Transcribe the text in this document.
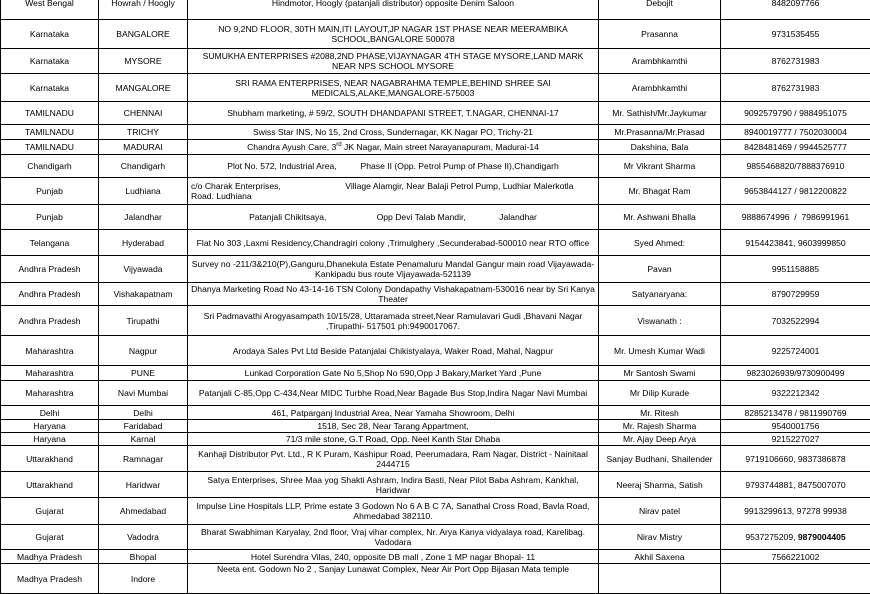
West Bengal	Howrah / Hoogly	Hindmotor, Hoogly (patanjali distributor) opposite Denim Saloon	Debojit	8482097766
Karnataka	BANGALORE	NO 9,2ND FLOOR, 30TH MAIN,ITI LAYOUT,JP NAGAR 1ST PHASE NEAR MEERAMBIKA SCHOOL,BANGALORE 500078	Prasanna	9731535455
Karnataka	MYSORE	SUMUKHA ENTERPRISES #2088,2ND PHASE,VIJAYNAGAR 4TH STAGE MYSORE,LAND MARK NEAR NPS SCHOOL MYSORE	Arambhkamthi	8762731983
Karnataka	MANGALORE	SRI RAMA ENTERPRISES, NEAR NAGABRAHMA TEMPLE,BEHIND SHREE SAI MEDICALS,ALAKE,MANGALORE-575003	Arambhkamthi	8762731983
TAMILNADU	CHENNAI	Shubham marketing, # 59/2, SOUTH DHANDAPANI STREET, T.NAGAR, CHENNAI-17	Mr. Sathish/Mr.Jaykumar	9092579790 / 9884951075
TAMILNADU	TRICHY	Swiss Star INS, No 15, 2nd Cross, Sundernagar, KK Nagar PO, Trichy-21	Mr.Prasanna/Mr.Prasad	8940019777 / 7502030004
TAMILNADU	MADURAI	Chandra Ayush Care, 3rd JK Nagar, Main street Narayanapuram, Madurai-14	Dakshina, Bala	8428481469 / 9944525777
Chandigarh	Chandigarh	Plot No. 572, Industrial Area,          Phase II (Opp. Petrol Pump of Phase II),Chandigarh	Mr Vikrant Sharma	9855468820/7888376910
Punjab	Ludhiana	c/o Charak Enterprises,                           Village Alamgir, Near Balaji Petrol Pump, Ludhiar Malerkotla Road. Ludhiana	Mr. Bhagat Ram	9653844127 / 9812200822
Punjab	Jalandhar	Patanjali Chikitsaya,                     Opp Devi Talab Mandir,              Jalandhar	Mr. Ashwani Bhalla	9888674996  /  7986991961
Telangana	Hyderabad	Flat No 303 ,Laxmi Residency,Chandragiri colony ,Trimulghery ,Secunderabad-500010 near RTO office	Syed Ahmed:	9154423841, 9603999850
Andhra Pradesh	Vijyawada	Survey no -211/3&210(P),Ganguru,Dhanekula Estate Penamaluru Mandal Gangur main road Vijayawada-Kankipadu bus route Vijayawada-521139	Pavan	9951158885
Andhra Pradesh	Vishakapatnam	Dhanya Marketing Road No 43-14-16 TSN Colony Dondapathy Vishakapatnam-530016 near by Sri Kanya Theater	Satyanaryana:	8790729959
Andhra Pradesh	Tirupathi	Sri Padmavathi Arogyasampath 10/15/28, Uttaramada street,Near Ramulavari Gudi ,Bhavani Nagar ,Tirupathi- 517501 ph:9490017067.	Viswanath :	7032522994
Maharashtra	Nagpur	Arodaya Sales Pvt Ltd Beside Patanjalai Chikistyalaya, Waker Road, Mahal, Nagpur	Mr. Umesh Kumar Wadi	9225724001
Maharashtra	PUNE	Lunkad Corporation Gate No 5,Shop No 590,Opp J Bakary,Market Yard ,Pune	Mr Santosh Swami	9823026939/9730900499
Maharashtra	Navi Mumbai	Patanjali C-85,Opp C-434,Near MIDC Turbhe Road,Near Bagade Bus Stop,Indira Nagar Navi Mumbai	Mr Dilip Kurade	9322212342
Delhi	Delhi	461, Patparganj Industrial Area, Near Yamaha Showroom, Delhi	Mr. Ritesh	8285213478 / 9811990769
Haryana	Faridabad	1518, Sec 28, Near Tarang Appartment,	Mr. Rajesh Sharma	9540001756
Haryana	Karnal	71/3 mile stone, G.T Road, Opp. Neel Kanth Star Dhaba	Mr. Ajay Deep Arya	9215227027
Uttarakhand	Ramnagar	Kanhaji Distributor Pvt. Ltd., R K Puram, Kashipur Road, Peerumadara, Ram Nagar, District - Nainitaal 2444715	Sanjay Budhani, Shailender	9719106660, 9837386878
Uttarakhand	Haridwar	Satya Enterprises, Shree Maa yog Shakti Ashram, Indira Basti, Near Pilot Baba Ashram, Kankhal, Haridwar	Neeraj Sharma, Satish	9793744881, 8475007070
Gujarat	Ahmedabad	Impulse Line Hospitals LLP, Prime estate 3 Godown No 6 A B C 7A, Sanathal Cross Road, Bavla Road, Ahmedabad 382110.	Nirav patel	9913299613, 97278 99938
Gujarat	Vadodra	Bharat Swabhiman Karyalay, 2nd floor, Vraj vihar complex, Nr. Arya Kanya vidyalaya road, Karelibag. Vadodara	Nirav Mistry	9537275209, 9879004405
Madhya Pradesh	Bhopal	Hotel Surendra Vilas, 240, opposite DB mall , Zone 1 MP nagar Bhopal- 11	Akhil Saxena	7566221002
Madhya Pradesh	Indore	Neeta ent. Godown No 2 , Sanjay Lunawat Complex, Near Air Port Opp Bijasan Mata temple		
